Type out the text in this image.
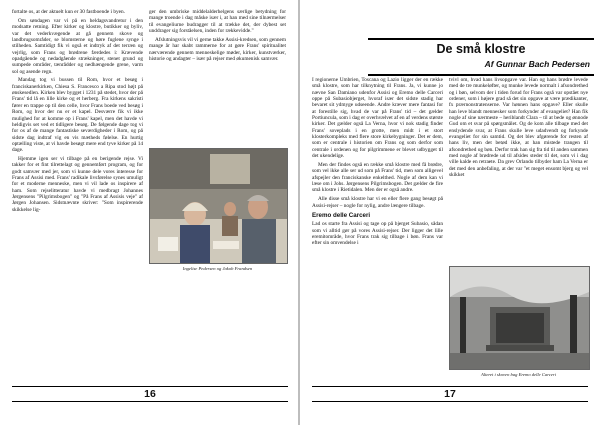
fortalte os, at der aktuelt kun er 30 fastboende i byen.

Om søndagen var vi på en heldagsvandretur i den modsatte retning. Efter kirker og klostre, butikker og byliv, var det vederkvægende at gå gennem skove og landbrugsområder, se blomsterne og høre fuglene synge i stilheden. Samtidigt fik vi også et indtryk af det terræn og vejrlig, som Frans og brødrene færdedes i: Krævende opadgående og nedadgående strækninger, stenet grund og sumpede områder, tænrådder og nedhængende grene, varm sol og asende regn.

Mandag tog vi bussen til Rom, hvor et besøg i franciskanerkirken, Chiesa S. Francesco a Ripa stod højt på ønskesedlen. Kirken blev bygget i 1231 på stedet, hvor der på Frans' tid lå en lille kirke og et herberg. Fra kirkens sakristi fører en trappe op til den celle, hvor Frans boede ved besøg i Rom, og hvor der nu er et kapel. Desværre fik vi ikke mulighed for at komme op i Frans' kapel, men det havde vi heldigvis set ved et tidligere besøg. De følgende dage tog vi for os af de mange fantastiske seværdigheder i Rom, og på sidste dag indtraf vig en vis mætheds følelse. En hurtig optælling viste, at vi havde besøgt mere end tyve kirker på 14 dage.

Hjemme igen ser vi tilbage på en berigende rejse. Vi takker for et fint tilrettelagt og gennemført program, og for godt samvær med jer, som vi kunne dele vores interesse for Frans af Assisi med. Frans' radikale livsførelse synes umuligt for et moderne menneske, men vi vil lade os inspirere af ham. Som rejselitteratur havde vi medbragt Johannes Jørgensens "Pilgrimsbogen" og "På Frans af Assisis veje" af Jørgen Johansen. Sidstnævnte skriver: "Som inspirerende skikkelse lig-

ger den umbriske middelalderhelgens særlige betydning for mange troende i dag måske især i, at han med sine tilnærmelser til evangeliurne budragger til at trække det, der dybest set unddrager sig forståelsen, inden for rækkevidde."

Afslutningsvis vil vi gerne takke Assisi-kredsen, som gennem mange år har skabt rammerne for at gøre Frans' spiritualitet nærværende gennem menneskelige møder, kirker, kunstværker, historie og andagter – især på rejser med økumenisk samvær.

Ingelise Pedersen og Jakob Frandsen
16	17
De små klostre
Af Gunnar Bach Pedersen

I regionerne Umbrien, Toscana og Lazio ligger der en række små klostre, som har tilknytning til Frans. Ja, vi kunne jo nævne San Damiano udenfor Assisi og Eremo delle Carceri oppe på Subasiobjerget, hvoraf især det sidste stadig har bevaret sit ydmyge udseende. Andre kræver mere fantasi for at forestille sig, hvad de var på Frans' tid – det gælder Portiuncula, som i dag er overhvælvet af en af verdens største kirker. Det gælder også La Verna, hvor vi nok stadig finder Frans' soveplads i en grotte, men midt i et stort klosterkompleks med flere store kirkebygninger. Det er dem, som er centrale i historien om Frans og som derfor som centrale i ordenen og for pilgrimmene er blevet udbygget til det ukendelige.

Men der findes også en række små klostre med få brødre, som vel ikke alle ser ud som på Frans' tid, men som alligevel afspejler den franciskanske enkelthed. Nogle af dem kan vi læse om i Johs. Jørgensens Pilgrimsbogen. Det gælder de fire små klostre i Rietidalen. Men der er også andre.

Alle disse små klostre har vi en eller flere gang besøgt på Assisi-rejser – nogle for nylig, andre længere tilbage.

Eremo delle Carceri

Lad os starte fra Assisi og tage op på bjerget Subasio, sådan som vi alltid gør på vores Assisi-rejser. Der ligger det lille eremitområde, hvor Frans trak sig tilbage i bøn. Frans var efter sin omvendelse i

tvivl om, hvad hans livsopgave var. Han og hans brødre levede med de tre munkeløfter, og munke levede normalt i afsondrethed og i bøn, selvom der i tiden forud for Frans også var opstået nye ordener, som i højere grad så det sin opgave at være prædikanter, fx prærnonstratenserne. Var hønnen hans opgave? Eller skulle han leve blandt mennesker som forkynder af evangeliet? Han fik nogle af sine nærmeste – heriblandt Clara – til at bede og ønnode Gud om et svar på spørgsmålet. Og de kom alle tilbage med det enslydende svar, at Frans skulle leve udadvendt og forkynde evangeliet for sin samtid. Og det blev afgørende for resten af hans liv, men det betød ikke, at han mistede trangen til afsondrethed og bøn. Derfor trak han sig fra tid til anden sammen med nogle af brødrede ud til afsides steder til det, som vi i dag ville kalde en retraete. Da grev Orlando tilbyder ham La Verna er det med den anbefaling, at der var "et meget ensomt bjerg og vel skikket

Alteret i skoven bag Eremo delle Carceri
